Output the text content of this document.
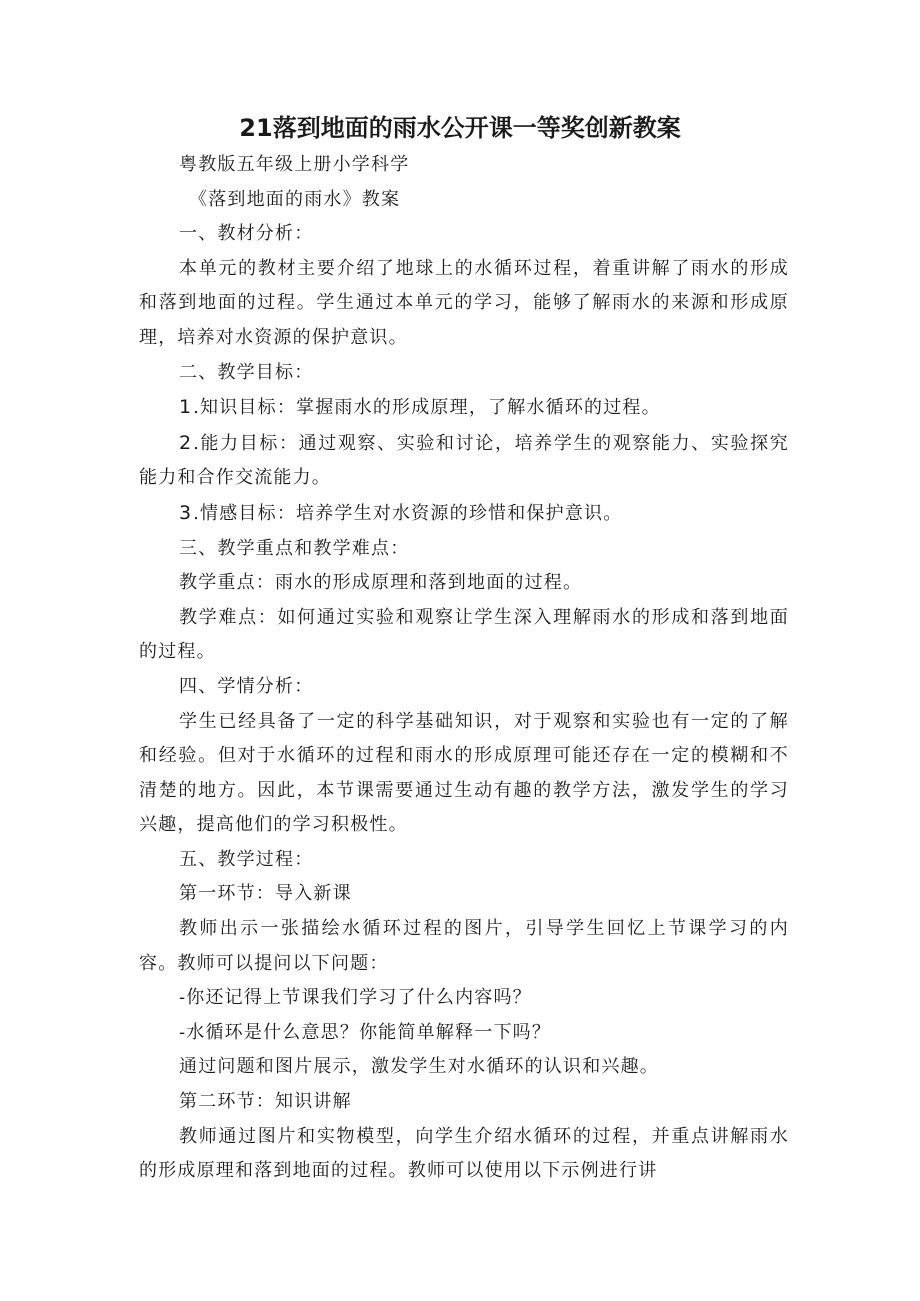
21落到地面的雨水公开课一等奖创新教案

粤教版五年级上册小学科学

《落到地面的雨水》教案

一、教材分析：

本单元的教材主要介绍了地球上的水循环过程，着重讲解了雨水的形成和落到地面的过程。学生通过本单元的学习，能够了解雨水的来源和形成原理，培养对水资源的保护意识。

二、教学目标：

1.知识目标：掌握雨水的形成原理，了解水循环的过程。

2.能力目标：通过观察、实验和讨论，培养学生的观察能力、实验探究能力和合作交流能力。

3.情感目标：培养学生对水资源的珍惜和保护意识。

三、教学重点和教学难点：

教学重点：雨水的形成原理和落到地面的过程。

教学难点：如何通过实验和观察让学生深入理解雨水的形成和落到地面的过程。

四、学情分析：

学生已经具备了一定的科学基础知识，对于观察和实验也有一定的了解和经验。但对于水循环的过程和雨水的形成原理可能还存在一定的模糊和不清楚的地方。因此，本节课需要通过生动有趣的教学方法，激发学生的学习兴趣，提高他们的学习积极性。

五、教学过程：

第一环节：导入新课

教师出示一张描绘水循环过程的图片，引导学生回忆上节课学习的内容。教师可以提问以下问题：

-你还记得上节课我们学习了什么内容吗？

-水循环是什么意思？你能简单解释一下吗？

通过问题和图片展示，激发学生对水循环的认识和兴趣。

第二环节：知识讲解

教师通过图片和实物模型，向学生介绍水循环的过程，并重点讲解雨水的形成原理和落到地面的过程。教师可以使用以下示例进行讲
